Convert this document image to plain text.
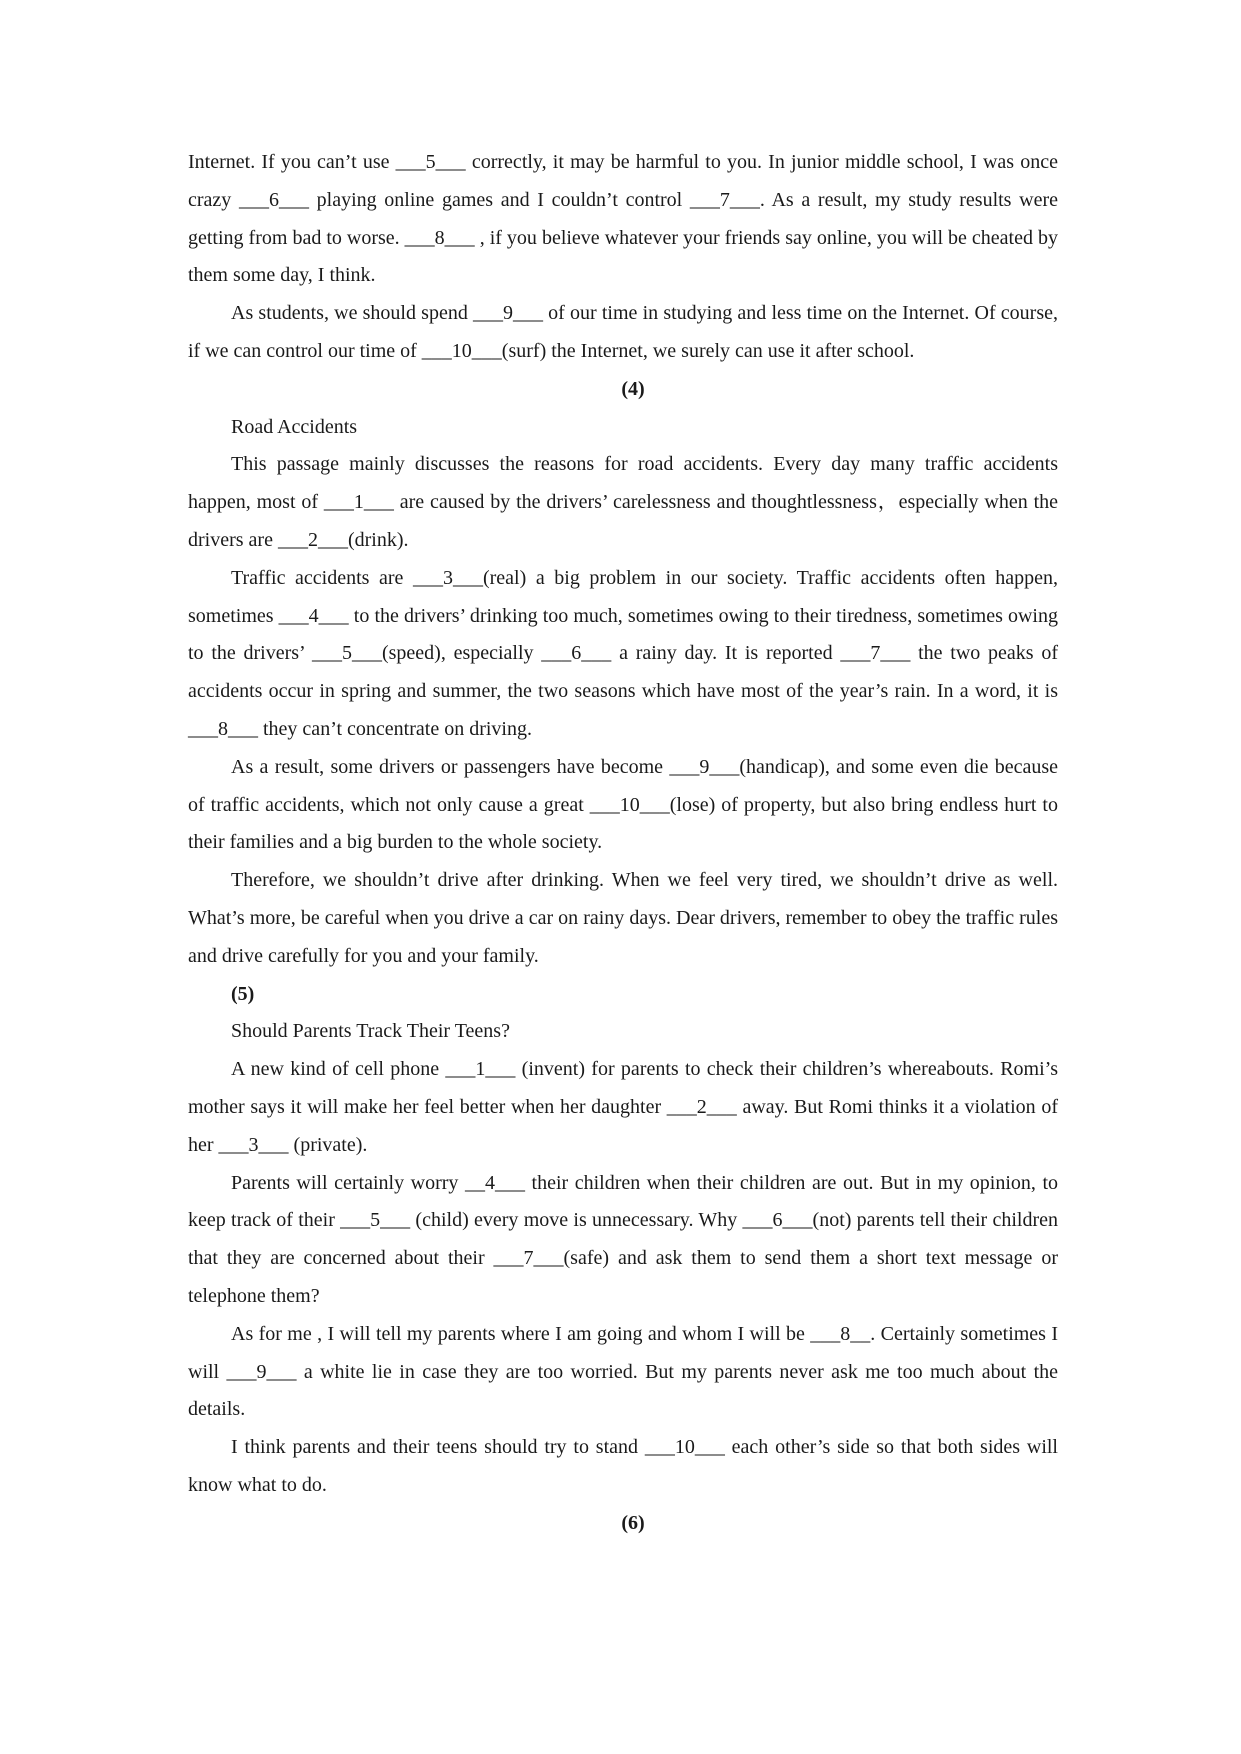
Internet. If you can’t use ___5___ correctly, it may be harmful to you. In junior middle school, I was once crazy ___6___ playing online games and I couldn’t control ___7___. As a result, my study results were getting from bad to worse. ___8___ , if you believe whatever your friends say online, you will be cheated by them some day, I think.

As students, we should spend ___9___ of our time in studying and less time on the Internet. Of course, if we can control our time of ___10___(surf) the Internet, we surely can use it after school.

(4)

Road Accidents

This passage mainly discusses the reasons for road accidents. Every day many traffic accidents happen, most of ___1___ are caused by the drivers’ carelessness and thoughtlessness，especially when the drivers are ___2___(drink).

Traffic accidents are ___3___(real) a big problem in our society. Traffic accidents often happen, sometimes ___4___ to the drivers’ drinking too much, sometimes owing to their tiredness, sometimes owing to the drivers’ ___5___(speed), especially ___6___ a rainy day. It is reported ___7___ the two peaks of accidents occur in spring and summer, the two seasons which have most of the year’s rain. In a word, it is ___8___ they can’t concentrate on driving.

As a result, some drivers or passengers have become ___9___(handicap), and some even die because of traffic accidents, which not only cause a great ___10___(lose) of property, but also bring endless hurt to their families and a big burden to the whole society.

Therefore, we shouldn’t drive after drinking. When we feel very tired, we shouldn’t drive as well. What’s more, be careful when you drive a car on rainy days. Dear drivers, remember to obey the traffic rules and drive carefully for you and your family.

(5)

Should Parents Track Their Teens?

A new kind of cell phone ___1___ (invent) for parents to check their children’s whereabouts. Romi’s mother says it will make her feel better when her daughter ___2___ away. But Romi thinks it a violation of her ___3___ (private).

Parents will certainly worry __4___ their children when their children are out. But in my opinion, to keep track of their ___5___ (child) every move is unnecessary. Why ___6___(not) parents tell their children that they are concerned about their ___7___(safe) and ask them to send them a short text message or telephone them?

As for me , I will tell my parents where I am going and whom I will be ___8__. Certainly sometimes I will ___9___ a white lie in case they are too worried. But my parents never ask me too much about the details.

I think parents and their teens should try to stand ___10___ each other’s side so that both sides will know what to do.

(6)
